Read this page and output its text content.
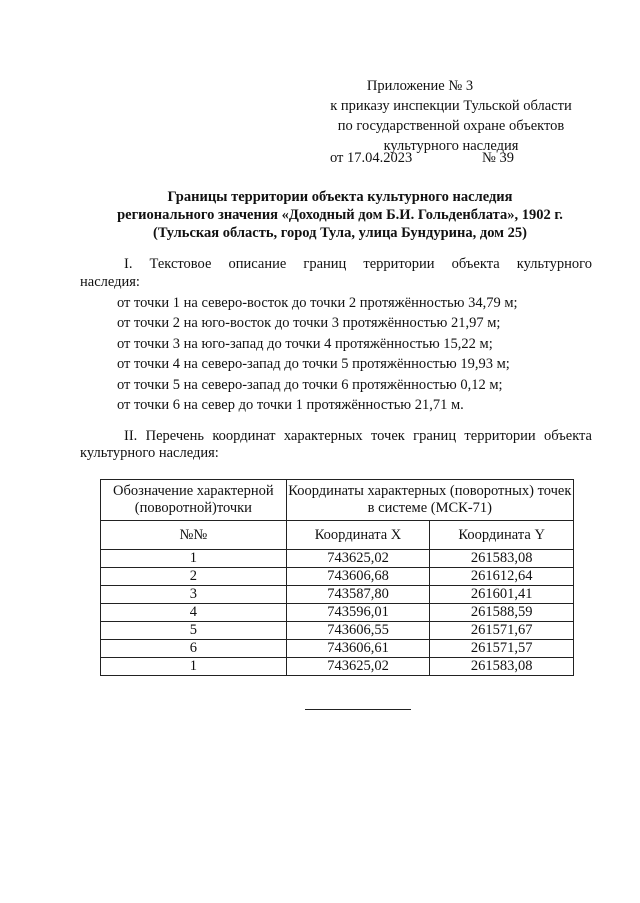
Приложение № 3
к приказу инспекции Тульской области
по государственной охране объектов
культурного наследия
от 17.04.2023	№ 39
Границы территории объекта культурного наследия
регионального значения «Доходный дом Б.И. Гольденблата», 1902 г.
(Тульская область, город Тула, улица Бундурина, дом 25)
I. Текстовое описание границ территории объекта культурного
наследия:
от точки 1 на северо-восток до точки 2 протяжённостью 34,79 м;
от точки 2 на юго-восток до точки 3 протяжённостью 21,97 м;
от точки 3 на юго-запад до точки 4 протяжённостью 15,22 м;
от точки 4 на северо-запад до точки 5 протяжённостью 19,93 м;
от точки 5 на северо-запад до точки 6 протяжённостью 0,12 м;
от точки 6 на север до точки 1 протяжённостью 21,71 м.
II. Перечень координат характерных точек границ территории объекта
культурного наследия:
Обозначение характерной (поворотной)точки	Координаты характерных (поворотных) точек в системе (МСК-71)	
№№	Координата X	Координата Y
1	743625,02	261583,08
2	743606,68	261612,64
3	743587,80	261601,41
4	743596,01	261588,59
5	743606,55	261571,67
6	743606,61	261571,57
1	743625,02	261583,08
